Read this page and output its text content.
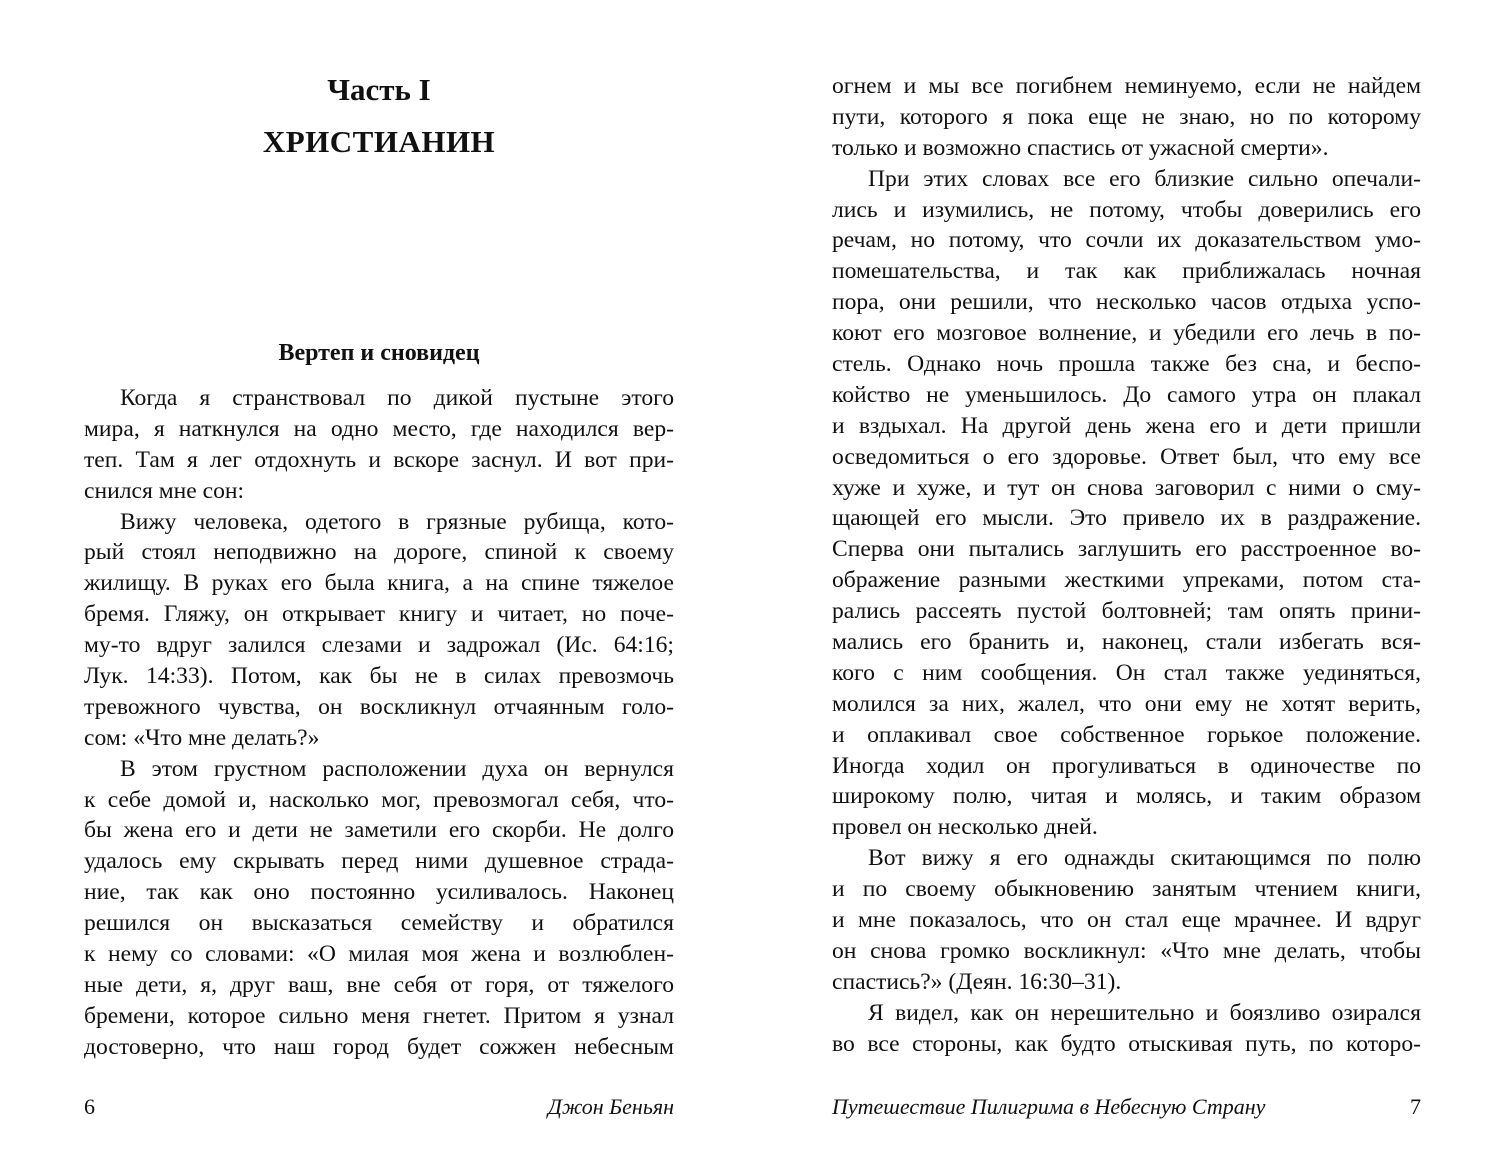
Часть I
ХРИСТИАНИН
Вертеп и сновидец
Когда я странствовал по дикой пустыне этого
мира, я наткнулся на одно место, где находился вер-
теп. Там я лег отдохнуть и вскоре заснул. И вот при-
снился мне сон:
Вижу человека, одетого в грязные рубища, кото-
рый стоял неподвижно на дороге, спиной к своему
жилищу. В руках его была книга, а на спине тяжелое
бремя. Гляжу, он открывает книгу и читает, но поче-
му-то вдруг залился слезами и задрожал (Ис. 64:16;
Лук. 14:33). Потом, как бы не в силах превозмочь
тревожного чувства, он воскликнул отчаянным голо-
сом: «Что мне делать?»
В этом грустном расположении духа он вернулся
к себе домой и, насколько мог, превозмогал себя, что-
бы жена его и дети не заметили его скорби. Не долго
удалось ему скрывать перед ними душевное страда-
ние, так как оно постоянно усиливалось. Наконец
решился он высказаться семейству и обратился
к нему со словами: «О милая моя жена и возлюблен-
ные дети, я, друг ваш, вне себя от горя, от тяжелого
бремени, которое сильно меня гнетет. Притом я узнал
достоверно, что наш город будет сожжен небесным
6	Джон Беньян
огнем и мы все погибнем неминуемо, если не найдем
пути, которого я пока еще не знаю, но по которому
только и возможно спастись от ужасной смерти».
При этих словах все его близкие сильно опечали-
лись и изумились, не потому, чтобы доверились его
речам, но потому, что сочли их доказательством умо-
помешательства, и так как приближалась ночная
пора, они решили, что несколько часов отдыха успо-
коют его мозговое волнение, и убедили его лечь в по-
стель. Однако ночь прошла также без сна, и беспо-
койство не уменьшилось. До самого утра он плакал
и вздыхал. На другой день жена его и дети пришли
осведомиться о его здоровье. Ответ был, что ему все
хуже и хуже, и тут он снова заговорил с ними о сму-
щающей его мысли. Это привело их в раздражение.
Сперва они пытались заглушить его расстроенное во-
ображение разными жесткими упреками, потом ста-
рались рассеять пустой болтовней; там опять прини-
мались его бранить и, наконец, стали избегать вся-
кого с ним сообщения. Он стал также уединяться,
молился за них, жалел, что они ему не хотят верить,
и оплакивал свое собственное горькое положение.
Иногда ходил он прогуливаться в одиночестве по
широкому полю, читая и молясь, и таким образом
провел он несколько дней.
Вот вижу я его однажды скитающимся по полю
и по своему обыкновению занятым чтением книги,
и мне показалось, что он стал еще мрачнее. И вдруг
он снова громко воскликнул: «Что мне делать, чтобы
спастись?» (Деян. 16:30–31).
Я видел, как он нерешительно и боязливо озирался
во все стороны, как будто отыскивая путь, по которо-
Путешествие Пилигрима в Небесную Страну	7
